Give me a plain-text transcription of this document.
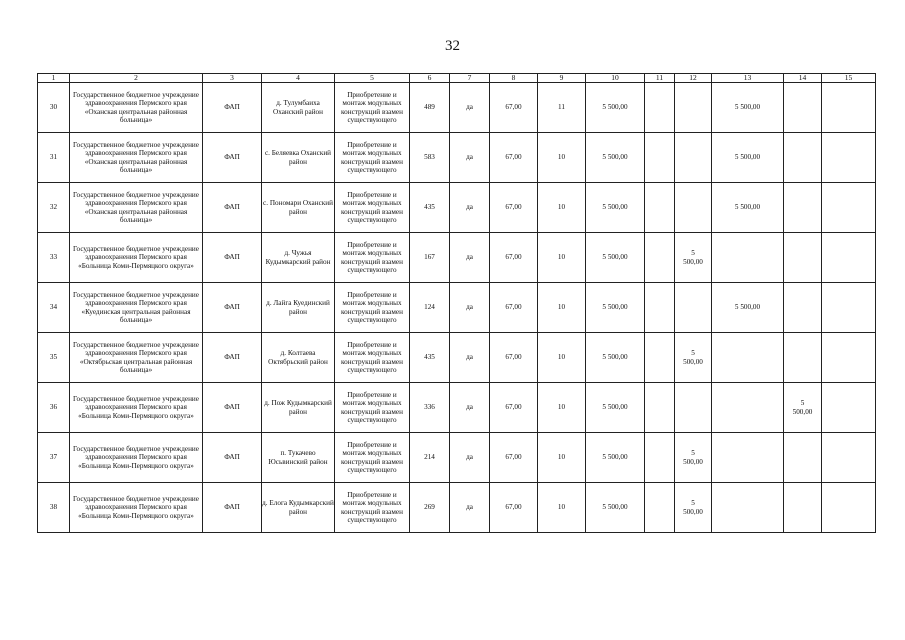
32
1	2	3	4	5	6	7	8	9	10	11	12	13	14	15

30	Государственное бюджетное учреждение здравоохранения Пермского края «Оханская центральная районная больница»	ФАП	д. Тулумбаиха Оханский район	Приобретение и монтаж модульных конструкций взамен существующего	489	да	67,00	11	5 500,00			5 500,00		

31	Государственное бюджетное учреждение здравоохранения Пермского края «Оханская центральная районная больница»	ФАП	с. Беляевка Оханский район	Приобретение и монтаж модульных конструкций взамен существующего	583	да	67,00	10	5 500,00			5 500,00		

32	Государственное бюджетное учреждение здравоохранения Пермского края «Оханская центральная районная больница»	ФАП	с. Пономари Оханский район	Приобретение и монтаж модульных конструкций взамен существующего	435	да	67,00	10	5 500,00			5 500,00		

33	Государственное бюджетное учреждение здравоохранения Пермского края «Больница Коми-Пермяцкого округа»	ФАП	д. Чужья Кудымкарский район	Приобретение и монтаж модульных конструкций взамен существующего	167	да	67,00	10	5 500,00		5 500,00			

34	Государственное бюджетное учреждение здравоохранения Пермского края «Куединская центральная районная больница»	ФАП	д. Лайга Куединский район	Приобретение и монтаж модульных конструкций взамен существующего	124	да	67,00	10	5 500,00			5 500,00		

35	Государственное бюджетное учреждение здравоохранения Пермского края «Октябрьская центральная районная больница»	ФАП	д. Колтаева Октябрьский район	Приобретение и монтаж модульных конструкций взамен существующего	435	да	67,00	10	5 500,00		5 500,00			

36	Государственное бюджетное учреждение здравоохранения Пермского края «Больница Коми-Пермяцкого округа»	ФАП	д. Пож Кудымкарский район	Приобретение и монтаж модульных конструкций взамен существующего	336	да	67,00	10	5 500,00				5 500,00	

37	Государственное бюджетное учреждение здравоохранения Пермского края «Больница Коми-Пермяцкого округа»	ФАП	п. Тукачево Юсьвинский район	Приобретение и монтаж модульных конструкций взамен существующего	214	да	67,00	10	5 500,00		5 500,00			

38	Государственное бюджетное учреждение здравоохранения Пермского края «Больница Коми-Пермяцкого округа»	ФАП	д. Елога Кудымкарский район	Приобретение и монтаж модульных конструкций взамен существующего	269	да	67,00	10	5 500,00		5 500,00			
